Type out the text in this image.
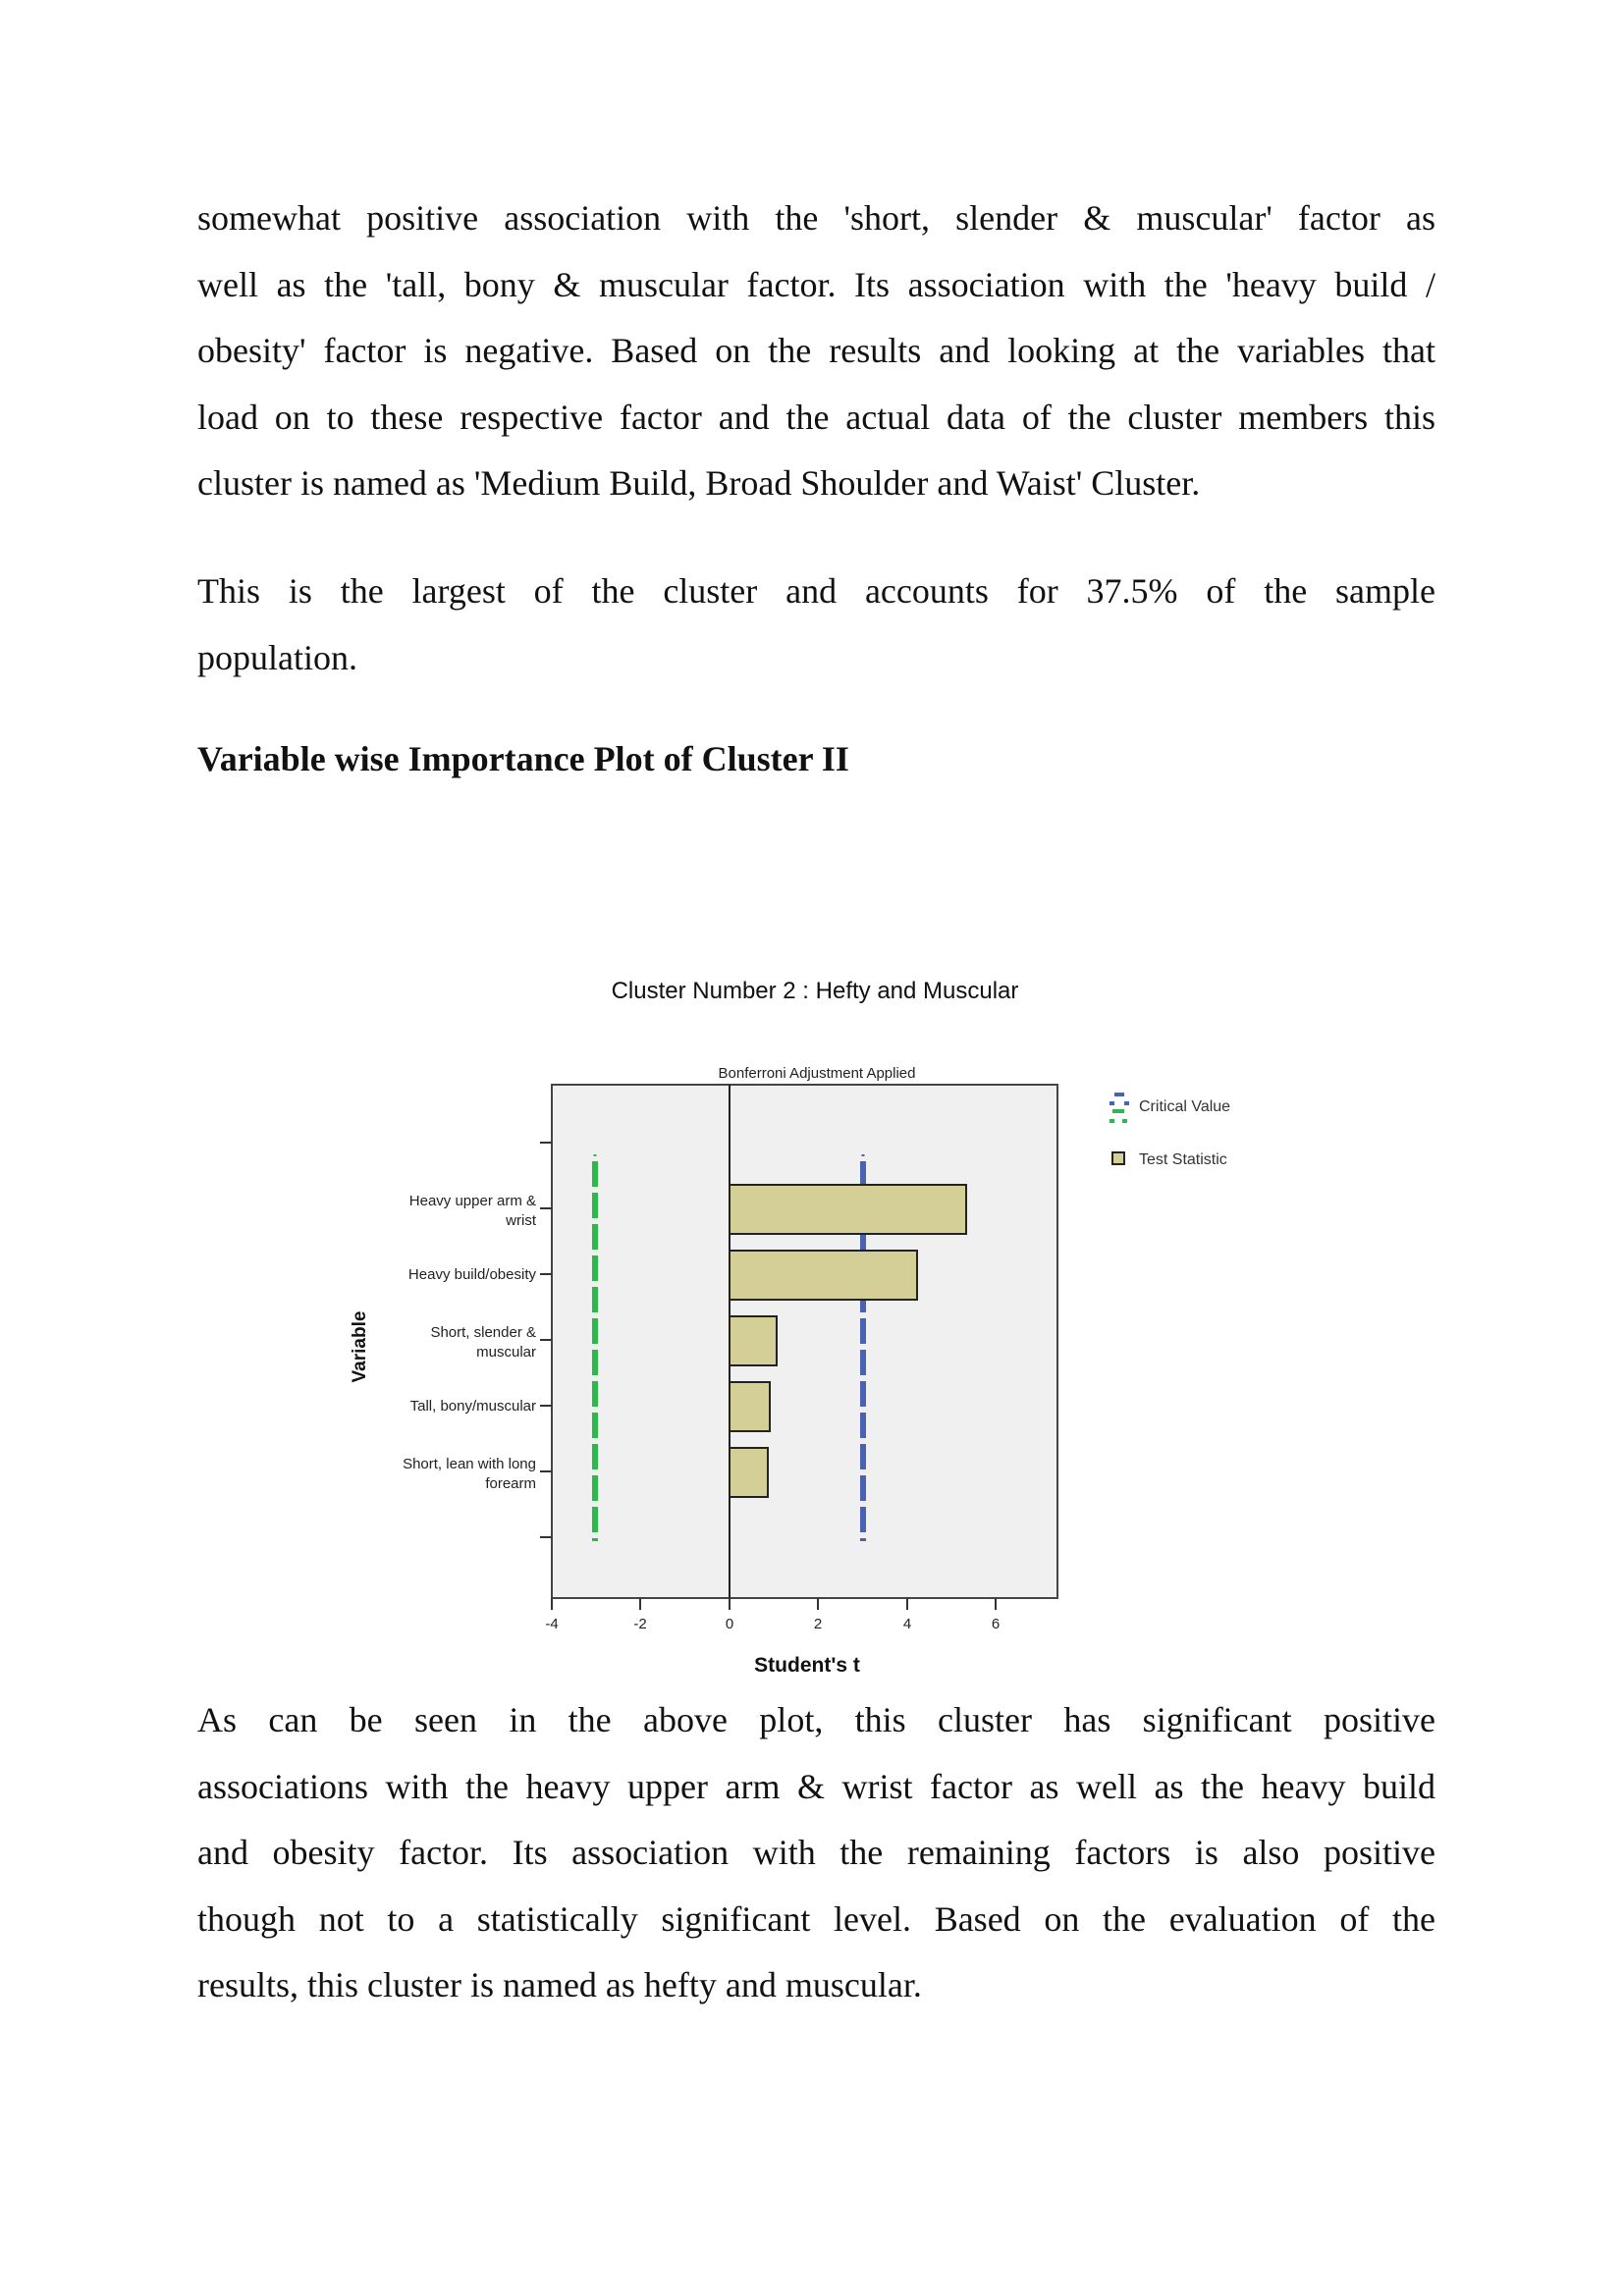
somewhat positive association with the 'short, slender & muscular' factor as
well as the 'tall, bony & muscular factor. Its association with the 'heavy build /
obesity' factor is negative. Based on the results and looking at the variables that
load on to these respective factor and the actual data of the cluster members this
cluster is named as 'Medium Build, Broad Shoulder and Waist' Cluster.
This is the largest of the cluster and accounts for 37.5% of the sample
population.
Variable wise Importance Plot of Cluster II
Cluster Number 2 : Hefty and Muscular
Bonferroni Adjustment Applied
Heavy upper arm &
wrist
Heavy build/obesity
Short, slender &
muscular
Tall, bony/muscular
Short, lean with long
forearm
Variable
-4	-2	0	2	4	6
Student's t
Critical Value
Test Statistic
As can be seen in the above plot, this cluster has significant positive
associations with the heavy upper arm & wrist factor as well as the heavy build
and obesity factor. Its association with the remaining factors is also positive
though not to a statistically significant level. Based on the evaluation of the
results, this cluster is named as hefty and muscular.
